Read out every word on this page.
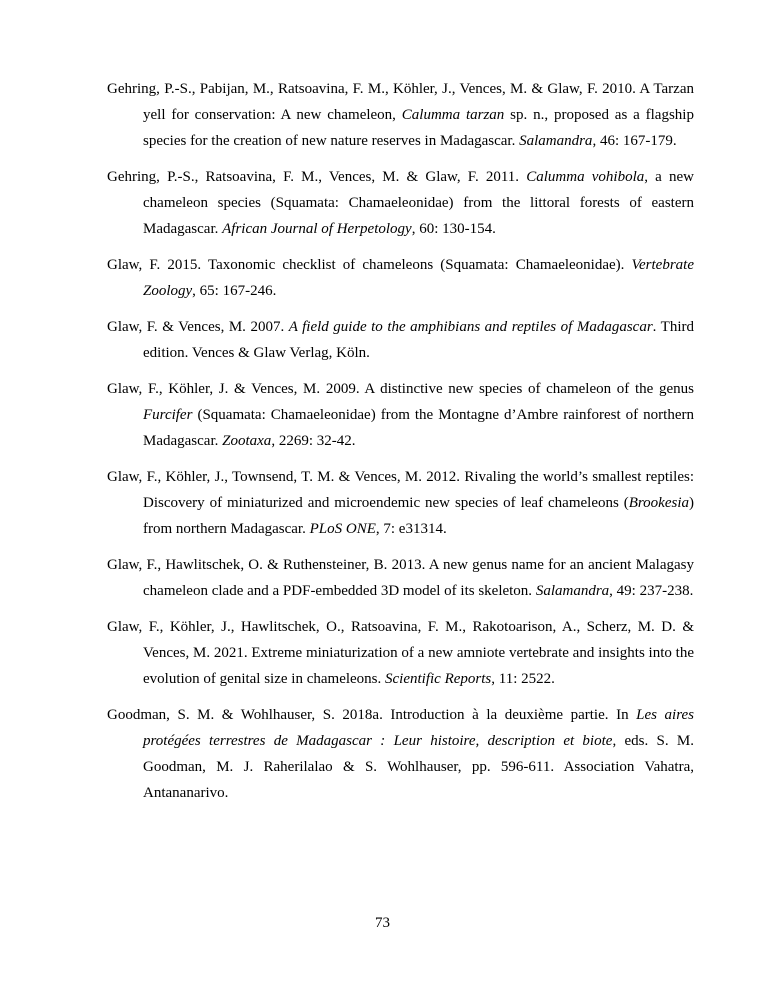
Gehring, P.-S., Pabijan, M., Ratsoavina, F. M., Köhler, J., Vences, M. & Glaw, F. 2010. A Tarzan yell for conservation: A new chameleon, Calumma tarzan sp. n., proposed as a flagship species for the creation of new nature reserves in Madagascar. Salamandra, 46: 167-179.

Gehring, P.-S., Ratsoavina, F. M., Vences, M. & Glaw, F. 2011. Calumma vohibola, a new chameleon species (Squamata: Chamaeleonidae) from the littoral forests of eastern Madagascar. African Journal of Herpetology, 60: 130-154.

Glaw, F. 2015. Taxonomic checklist of chameleons (Squamata: Chamaeleonidae). Vertebrate Zoology, 65: 167-246.

Glaw, F. & Vences, M. 2007. A field guide to the amphibians and reptiles of Madagascar. Third edition. Vences & Glaw Verlag, Köln.

Glaw, F., Köhler, J. & Vences, M. 2009. A distinctive new species of chameleon of the genus Furcifer (Squamata: Chamaeleonidae) from the Montagne d’Ambre rainforest of northern Madagascar. Zootaxa, 2269: 32-42.

Glaw, F., Köhler, J., Townsend, T. M. & Vences, M. 2012. Rivaling the world’s smallest reptiles: Discovery of miniaturized and microendemic new species of leaf chameleons (Brookesia) from northern Madagascar. PLoS ONE, 7: e31314.

Glaw, F., Hawlitschek, O. & Ruthensteiner, B. 2013. A new genus name for an ancient Malagasy chameleon clade and a PDF-embedded 3D model of its skeleton. Salamandra, 49: 237-238.

Glaw, F., Köhler, J., Hawlitschek, O., Ratsoavina, F. M., Rakotoarison, A., Scherz, M. D. & Vences, M. 2021. Extreme miniaturization of a new amniote vertebrate and insights into the evolution of genital size in chameleons. Scientific Reports, 11: 2522.

Goodman, S. M. & Wohlhauser, S. 2018a. Introduction à la deuxième partie. In Les aires protégées terrestres de Madagascar : Leur histoire, description et biote, eds. S. M. Goodman, M. J. Raherilalao & S. Wohlhauser, pp. 596-611. Association Vahatra, Antananarivo.

73
